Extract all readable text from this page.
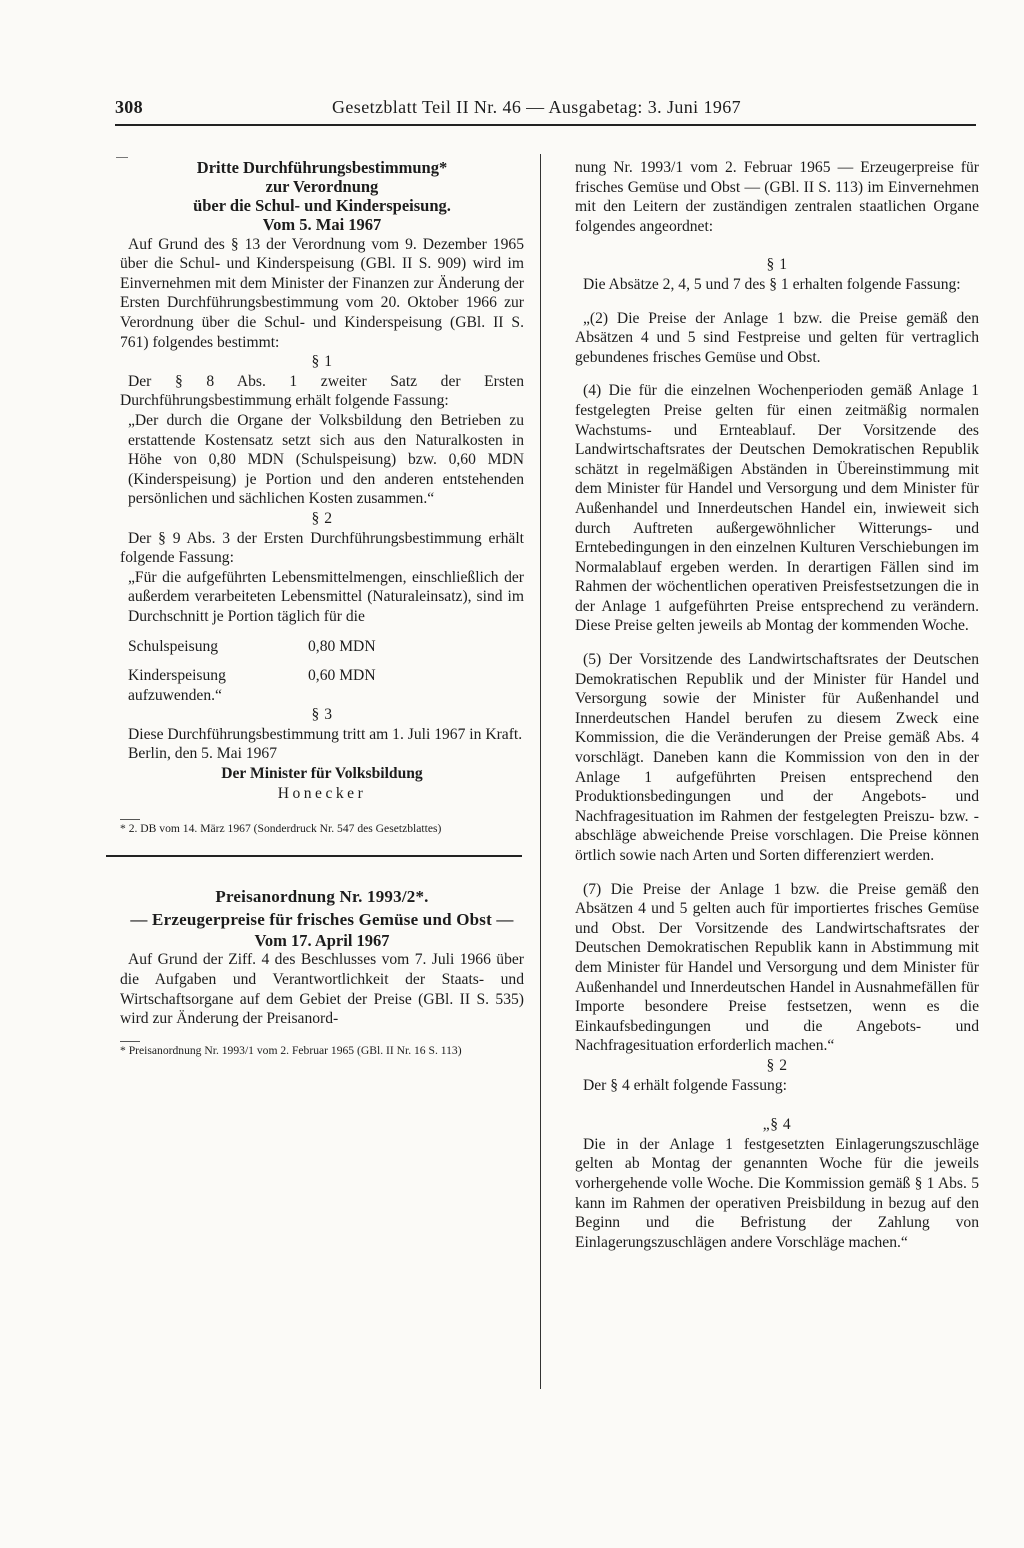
308	Gesetzblatt Teil II Nr. 46 — Ausgabetag: 3. Juni 1967

Dritte Durchführungsbestimmung*

zur Verordnung

über die Schul- und Kinderspeisung.

Vom 5. Mai 1967

Auf Grund des § 13 der Verordnung vom 9. Dezember 1965 über die Schul- und Kinderspeisung (GBl. II S. 909) wird im Einvernehmen mit dem Minister der Finanzen zur Änderung der Ersten Durchführungsbestimmung vom 20. Oktober 1966 zur Verordnung über die Schul- und Kinderspeisung (GBl. II S. 761) folgendes bestimmt:

§ 1

Der § 8 Abs. 1 zweiter Satz der Ersten Durchführungsbestimmung erhält folgende Fassung:

„Der durch die Organe der Volksbildung den Betrieben zu erstattende Kostensatz setzt sich aus den Naturalkosten in Höhe von 0,80 MDN (Schulspeisung) bzw. 0,60 MDN (Kinderspeisung) je Portion und den anderen entstehenden persönlichen und sächlichen Kosten zusammen.“

§ 2

Der § 9 Abs. 3 der Ersten Durchführungsbestimmung erhält folgende Fassung:

„Für die aufgeführten Lebensmittelmengen, einschließlich der außerdem verarbeiteten Lebensmittel (Naturaleinsatz), sind im Durchschnitt je Portion täglich für die

Schulspeisung	0,80 MDN
Kinderspeisung	0,60 MDN

aufzuwenden.“

§ 3

Diese Durchführungsbestimmung tritt am 1. Juli 1967 in Kraft.

Berlin, den 5. Mai 1967

Der Minister für Volksbildung

Honecker

* 2. DB vom 14. März 1967 (Sonderdruck Nr. 547 des Gesetzblattes)

Preisanordnung Nr. 1993/2*.

— Erzeugerpreise für frisches Gemüse und Obst —

Vom 17. April 1967

Auf Grund der Ziff. 4 des Beschlusses vom 7. Juli 1966 über die Aufgaben und Verantwortlichkeit der Staats- und Wirtschaftsorgane auf dem Gebiet der Preise (GBl. II S. 535) wird zur Änderung der Preisanord-

* Preisanordnung Nr. 1993/1 vom 2. Februar 1965 (GBl. II Nr. 16 S. 113)

nung Nr. 1993/1 vom 2. Februar 1965 — Erzeugerpreise für frisches Gemüse und Obst — (GBl. II S. 113) im Einvernehmen mit den Leitern der zuständigen zentralen staatlichen Organe folgendes angeordnet:

§ 1

Die Absätze 2, 4, 5 und 7 des § 1 erhalten folgende Fassung:

„(2) Die Preise der Anlage 1 bzw. die Preise gemäß den Absätzen 4 und 5 sind Festpreise und gelten für vertraglich gebundenes frisches Gemüse und Obst.

(4) Die für die einzelnen Wochenperioden gemäß Anlage 1 festgelegten Preise gelten für einen zeitmäßig normalen Wachstums- und Ernteablauf. Der Vorsitzende des Landwirtschaftsrates der Deutschen Demokratischen Republik schätzt in regelmäßigen Abständen in Übereinstimmung mit dem Minister für Handel und Versorgung und dem Minister für Außenhandel und Innerdeutschen Handel ein, inwieweit sich durch Auftreten außergewöhnlicher Witterungs- und Erntebedingungen in den einzelnen Kulturen Verschiebungen im Normalablauf ergeben werden. In derartigen Fällen sind im Rahmen der wöchentlichen operativen Preisfestsetzungen die in der Anlage 1 aufgeführten Preise entsprechend zu verändern. Diese Preise gelten jeweils ab Montag der kommenden Woche.

(5) Der Vorsitzende des Landwirtschaftsrates der Deutschen Demokratischen Republik und der Minister für Handel und Versorgung sowie der Minister für Außenhandel und Innerdeutschen Handel berufen zu diesem Zweck eine Kommission, die die Veränderungen der Preise gemäß Abs. 4 vorschlägt. Daneben kann die Kommission von den in der Anlage 1 aufgeführten Preisen entsprechend den Produktionsbedingungen und der Angebots- und Nachfragesituation im Rahmen der festgelegten Preiszu- bzw. -abschläge abweichende Preise vorschlagen. Die Preise können örtlich sowie nach Arten und Sorten differenziert werden.

(7) Die Preise der Anlage 1 bzw. die Preise gemäß den Absätzen 4 und 5 gelten auch für importiertes frisches Gemüse und Obst. Der Vorsitzende des Landwirtschaftsrates der Deutschen Demokratischen Republik kann in Abstimmung mit dem Minister für Handel und Versorgung und dem Minister für Außenhandel und Innerdeutschen Handel in Ausnahmefällen für Importe besondere Preise festsetzen, wenn es die Einkaufsbedingungen und die Angebots- und Nachfragesituation erforderlich machen.“

§ 2

Der § 4 erhält folgende Fassung:

„§ 4

Die in der Anlage 1 festgesetzten Einlagerungszuschläge gelten ab Montag der genannten Woche für die jeweils vorhergehende volle Woche. Die Kommission gemäß § 1 Abs. 5 kann im Rahmen der operativen Preisbildung in bezug auf den Beginn und die Befristung der Zahlung von Einlagerungszuschlägen andere Vorschläge machen.“
